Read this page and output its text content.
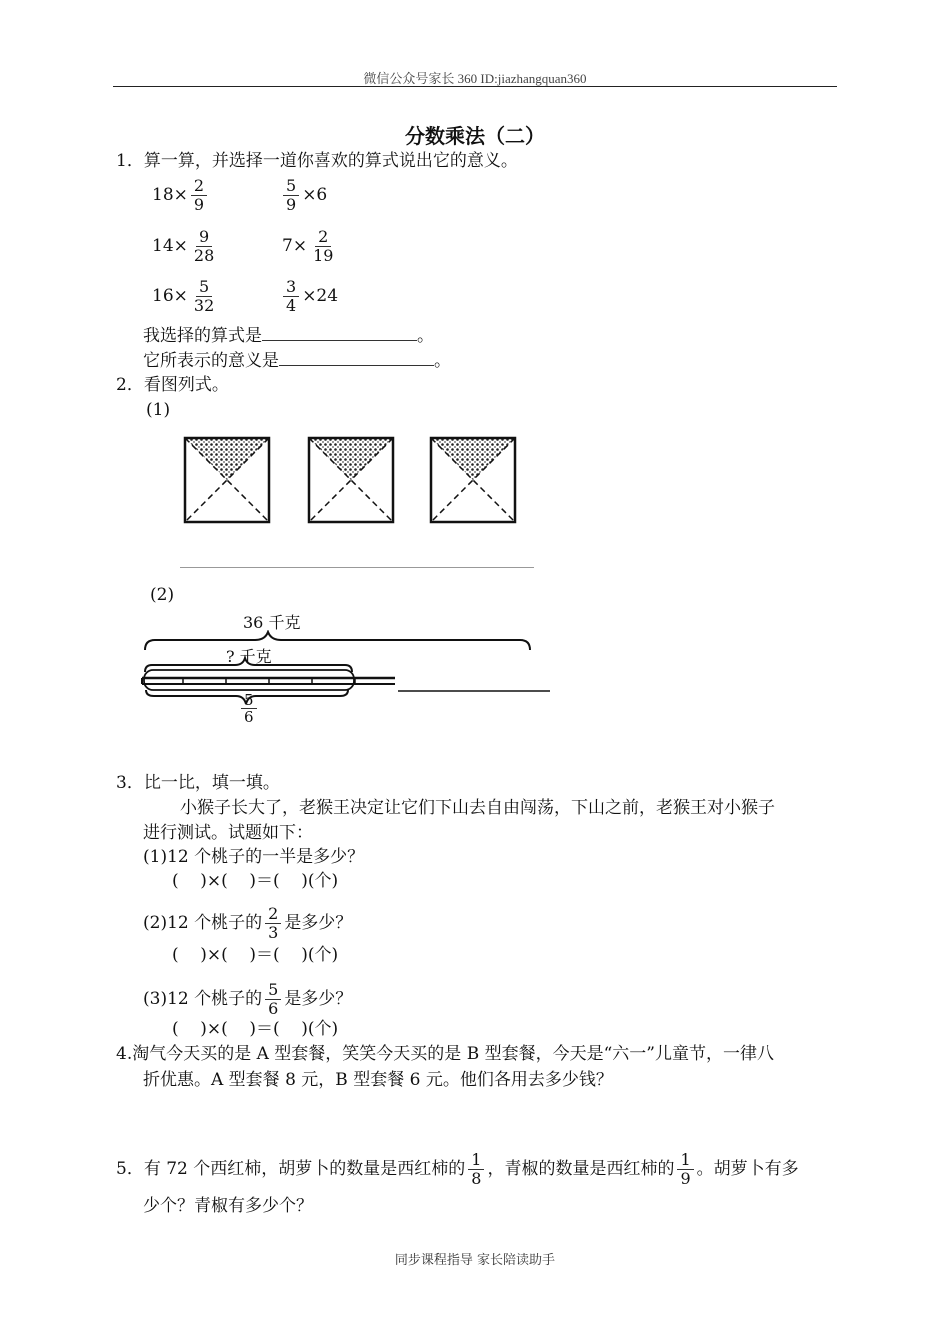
微信公众号家长 360 ID:jiazhangquan360
分数乘法（二）
1．算一算，并选择一道你喜欢的算式说出它的意义。
$18\times \frac{2}{9}$	$\frac{5}{9} \times 6$
$14\times \frac{9}{28}$	$7\times \frac{2}{19}$
$16\times \frac{5}{32}$	$\frac{3}{4} \times 24$
我选择的算式是	。
它所表示的意义是	。
2．看图列式。
(1)
(2)
36 千克
? 千克
$\frac{5}{6}$
3．比一比，填一填。
小猴子长大了，老猴王决定让它们下山去自由闯荡，下山之前，老猴王对小猴子
进行测试。试题如下：
(1)12 个桃子的一半是多少？
(    )×(    )＝(    )(个)
(2)12 个桃子的 $\frac{2}{3}$ 是多少？
(    )×(    )＝(    )(个)
(3)12 个桃子的 $\frac{5}{6}$ 是多少？
(    )×(    )＝(    )(个)
4.淘气今天买的是 A 型套餐，笑笑今天买的是 B 型套餐，今天是“六一”儿童节，一律八
折优惠。A 型套餐 8 元，B 型套餐 6 元。他们各用去多少钱？
5．有 72 个西红柿，胡萝卜的数量是西红柿的 $\frac{1}{8}$ ，青椒的数量是西红柿的 $\frac{1}{9}$ 。胡萝卜有多
少个？青椒有多少个？
同步课程指导 家长陪读助手
